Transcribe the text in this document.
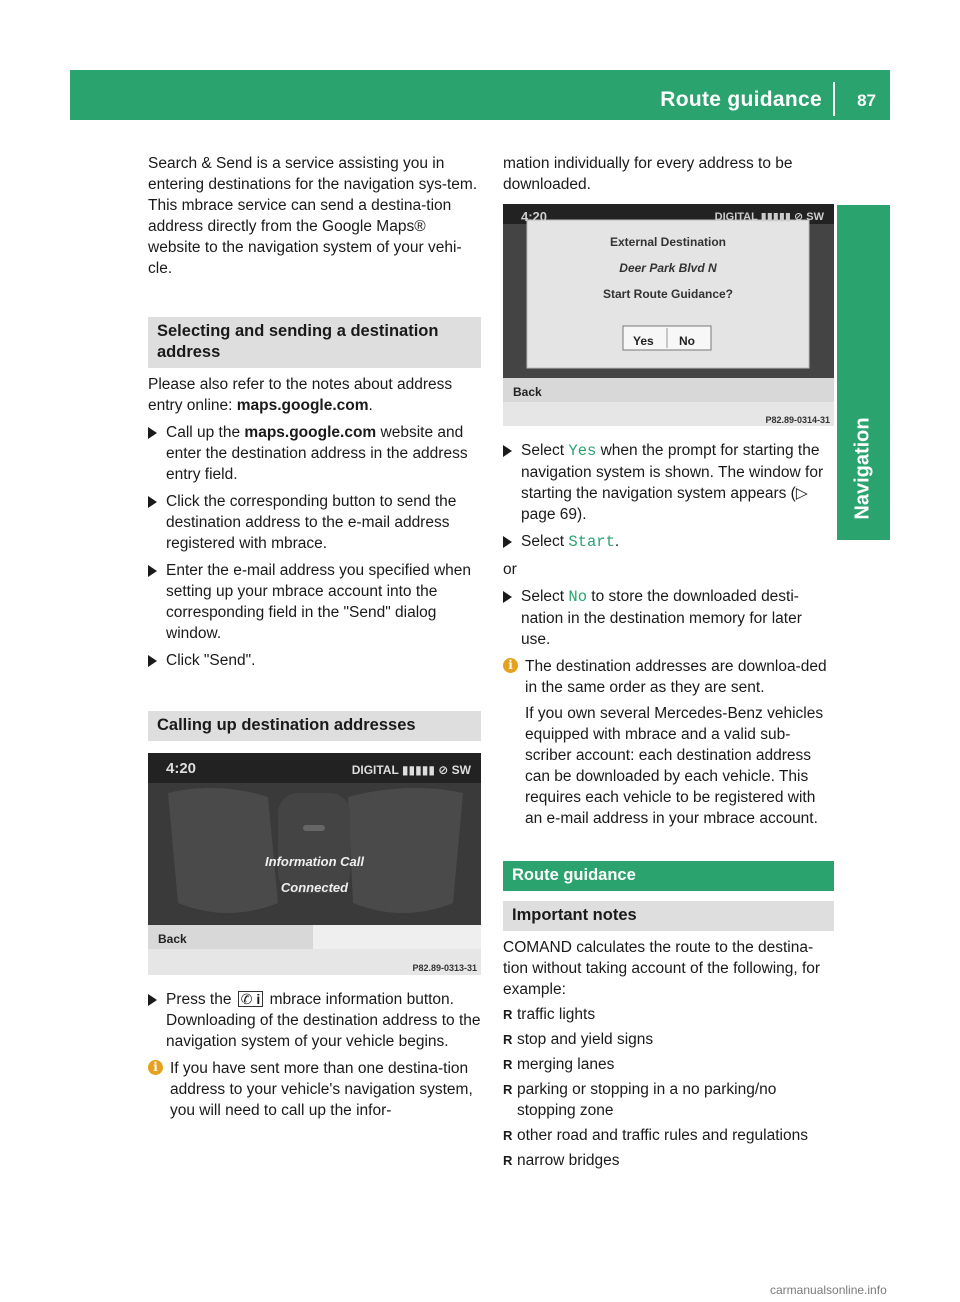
Route guidance 87
Navigation

Search & Send is a service assisting you in entering destinations for the navigation sys-tem. This mbrace service can send a destina-tion address directly from the Google Maps® website to the navigation system of your vehi-cle.

Selecting and sending a destination address

Please also refer to the notes about address entry online: maps.google.com.

Call up the maps.google.com website and enter the destination address in the address entry field.
Click the corresponding button to send the destination address to the e-mail address registered with mbrace.
Enter the e-mail address you specified when setting up your mbrace account into the corresponding field in the "Send" dialog window.
Click "Send".
Calling up destination addresses
4:20	DIGITAL ▮▮▮▮▮ ⊘ SW
Information Call
Connected
Back
P82.89-0313-31
Press the ✆ i mbrace information button. Downloading of the destination address to the navigation system of your vehicle begins.
i If you have sent more than one destina-tion address to your vehicle's navigation system, you will need to call up the infor-

mation individually for every address to be downloaded.

4:20	DIGITAL ▮▮▮▮▮ ⊘ SW
External Destination
Deer Park Blvd N
Start Route Guidance?
Yes No
Back
P82.89-0314-31
Select Yes when the prompt for starting the navigation system is shown. The window for starting the navigation system appears (▷ page 69).
Select Start.

or

Select No to store the downloaded desti-nation in the destination memory for later use.
i The destination addresses are downloa-ded in the same order as they are sent.

If you own several Mercedes-Benz vehicles equipped with mbrace and a valid sub-scriber account: each destination address can be downloaded by each vehicle. This requires each vehicle to be registered with an e-mail address in your mbrace account.

Route guidance
Important notes

COMAND calculates the route to the destina-tion without taking account of the following, for example:

R traffic lights
R stop and yield signs
R merging lanes
R parking or stopping in a no parking/no stopping zone
R other road and traffic rules and regulations
R narrow bridges
carmanualsonline.info
